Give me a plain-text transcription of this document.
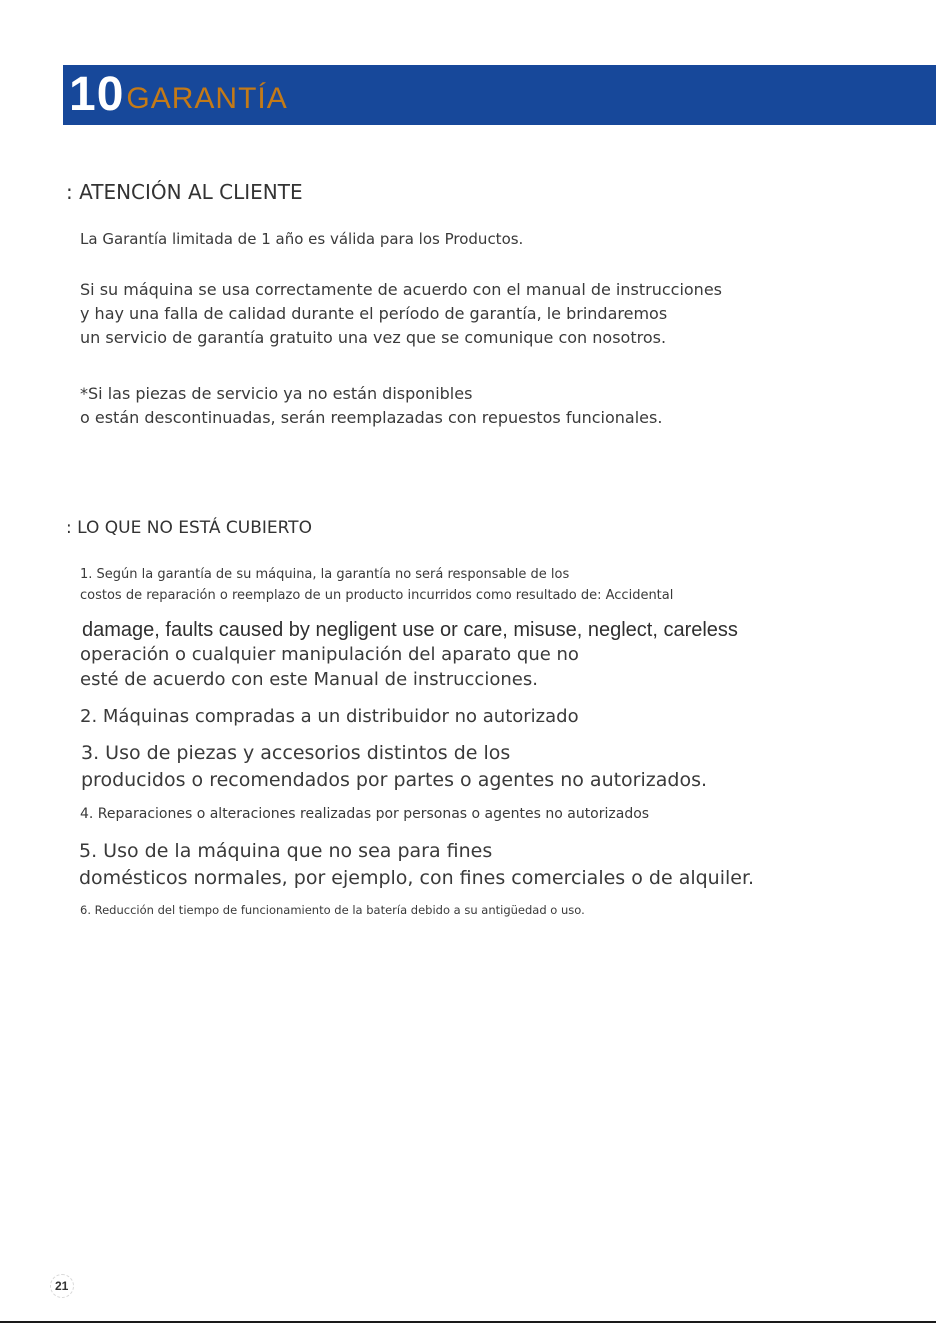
10 GARANTÍA
: ATENCIÓN AL CLIENTE
La Garantía limitada de 1 año es válida para los Productos.
Si su máquina se usa correctamente de acuerdo con el manual de instrucciones
y hay una falla de calidad durante el período de garantía, le brindaremos
un servicio de garantía gratuito una vez que se comunique con nosotros.
*Si las piezas de servicio ya no están disponibles
o están descontinuadas, serán reemplazadas con repuestos funcionales.
: LO QUE NO ESTÁ CUBIERTO
1. Según la garantía de su máquina, la garantía no será responsable de los
costos de reparación o reemplazo de un producto incurridos como resultado de: Accidental
damage, faults caused by negligent use or care, misuse, neglect, careless
operación o cualquier manipulación del aparato que no
esté de acuerdo con este Manual de instrucciones.
2. Máquinas compradas a un distribuidor no autorizado
3. Uso de piezas y accesorios distintos de los
producidos o recomendados por partes o agentes no autorizados.
4. Reparaciones o alteraciones realizadas por personas o agentes no autorizados
5. Uso de la máquina que no sea para fines
domésticos normales, por ejemplo, con fines comerciales o de alquiler.
6. Reducción del tiempo de funcionamiento de la batería debido a su antigüedad o uso.
21
